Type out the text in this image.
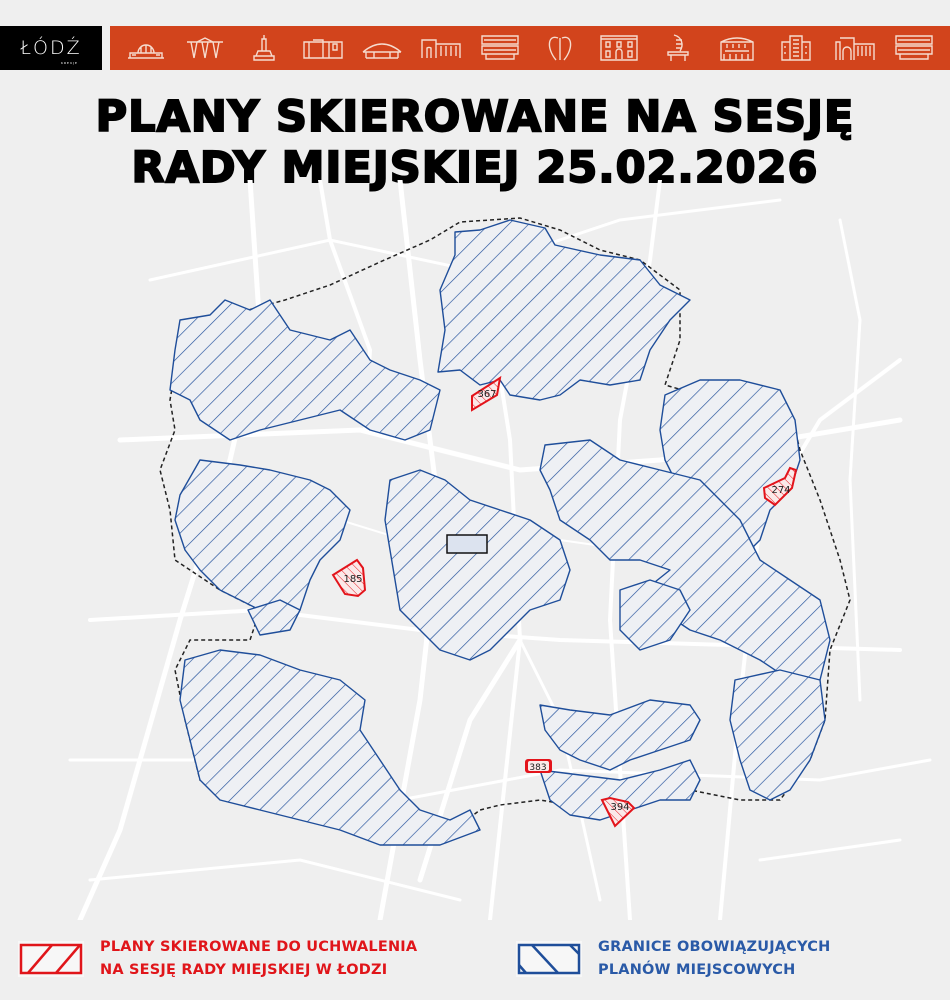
ŁÓDŹ
KREUJE
PLANY SKIEROWANE NA SESJĘ
RADY MIEJSKIEJ 25.02.2026
367
274
185
383
394
PLANY SKIEROWANE DO UCHWALENIA
NA SESJĘ RADY MIEJSKIEJ W ŁODZI
GRANICE OBOWIĄZUJĄCYCH
PLANÓW MIEJSCOWYCH
